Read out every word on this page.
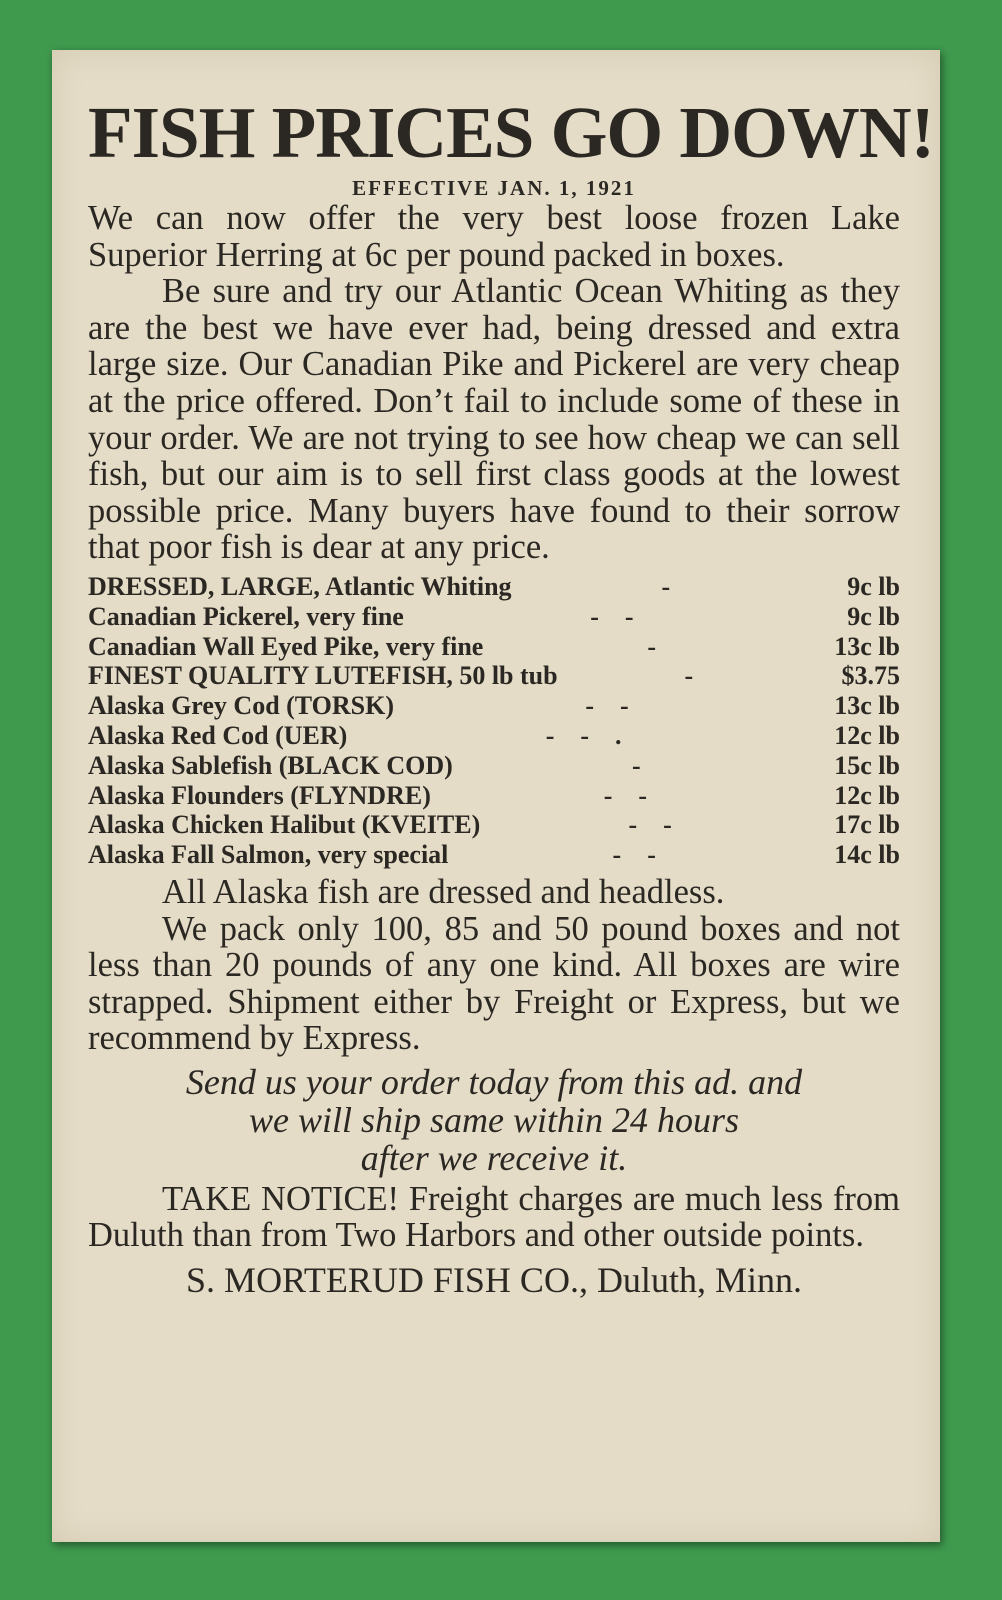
FISH PRICES GO DOWN!
EFFECTIVE JAN. 1, 1921

We can now offer the very best loose frozen Lake Superior Herring at 6c per pound packed in boxes.

Be sure and try our Atlantic Ocean Whiting as they are the best we have ever had, being dressed and extra large size. Our Canadian Pike and Pickerel are very cheap at the price offered. Don’t fail to include some of these in your order. We are not trying to see how cheap we can sell fish, but our aim is to sell first class goods at the lowest possible price. Many buyers have found to their sorrow that poor fish is dear at any price.

DRESSED, LARGE, Atlantic Whiting	-	9c lb
Canadian Pickerel, very fine	-    -	9c lb
Canadian Wall Eyed Pike, very fine	-	13c lb
FINEST QUALITY LUTEFISH, 50 lb tub	-	$3.75
Alaska Grey Cod (TORSK)	-    -	13c lb
Alaska Red Cod (UER)	-    -    .	12c lb
Alaska Sablefish (BLACK COD)	-	15c lb
Alaska Flounders (FLYNDRE)	-    -	12c lb
Alaska Chicken Halibut (KVEITE)	-    -	17c lb
Alaska Fall Salmon, very special	-    -	14c lb

All Alaska fish are dressed and headless.

We pack only 100, 85 and 50 pound boxes and not less than 20 pounds of any one kind. All boxes are wire strapped. Shipment either by Freight or Express, but we recommend by Express.

Send us your order today from this ad. and
we will ship same within 24 hours
after we receive it.

TAKE NOTICE! Freight charges are much less from Duluth than from Two Harbors and other outside points.

S. MORTERUD FISH CO., Duluth, Minn.
